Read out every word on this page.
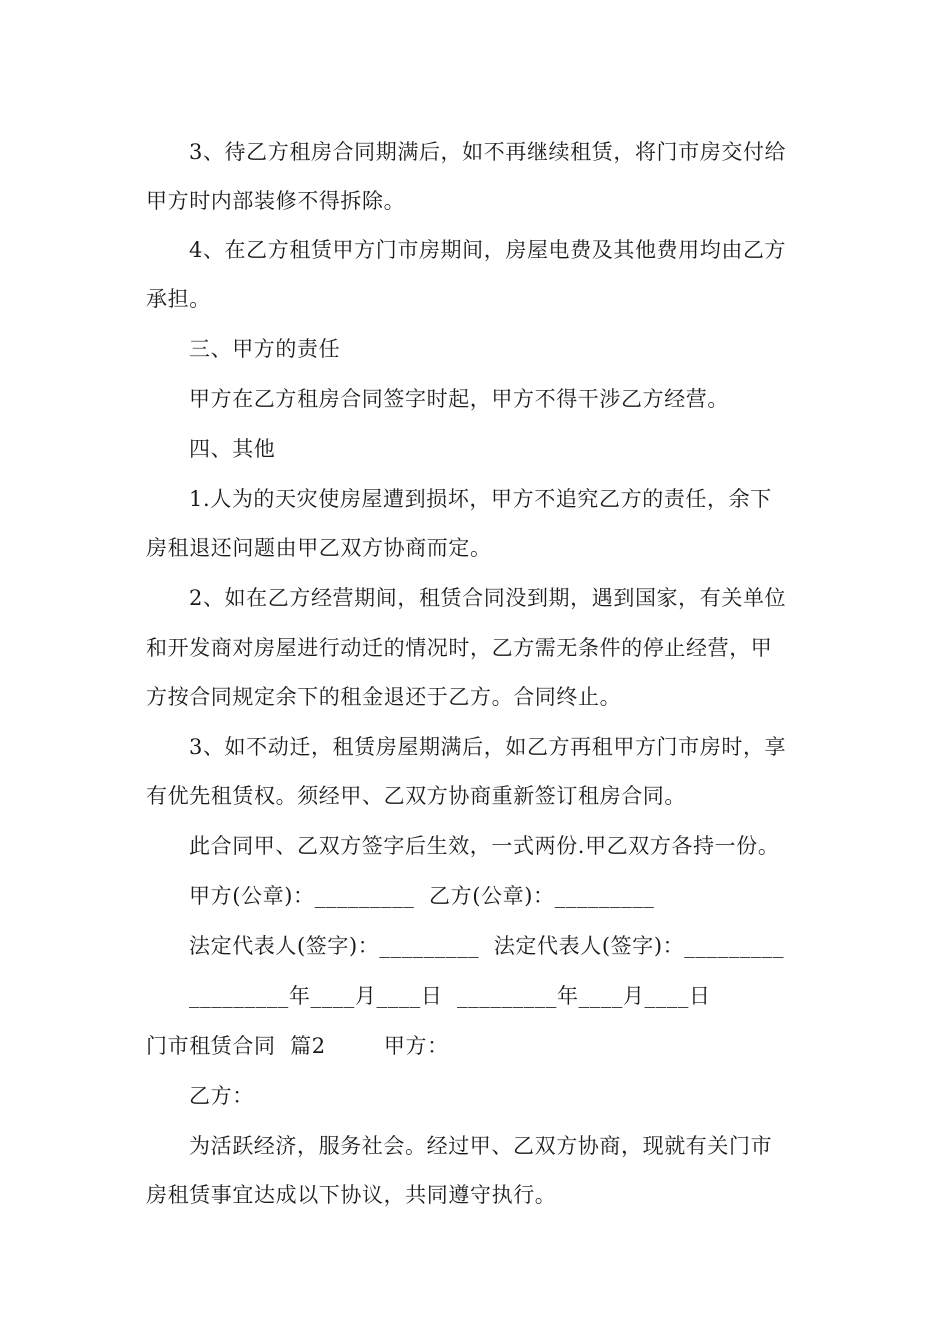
3、待乙方租房合同期满后，如不再继续租赁，将门市房交付给
甲方时内部装修不得拆除。
4、在乙方租赁甲方门市房期间，房屋电费及其他费用均由乙方
承担。
三、甲方的责任
甲方在乙方租房合同签字时起，甲方不得干涉乙方经营。
四、其他
1.人为的天灾使房屋遭到损坏，甲方不追究乙方的责任，余下
房租退还问题由甲乙双方协商而定。
2、如在乙方经营期间，租赁合同没到期，遇到国家，有关单位
和开发商对房屋进行动迁的情况时，乙方需无条件的停止经营，甲
方按合同规定余下的租金退还于乙方。合同终止。
3、如不动迁，租赁房屋期满后，如乙方再租甲方门市房时，享
有优先租赁权。须经甲、乙双方协商重新签订租房合同。
此合同甲、乙双方签字后生效，一式两份.甲乙双方各持一份。
甲方(公章)：_________  乙方(公章)：_________
法定代表人(签字)：_________  法定代表人(签字)：_________
_________年____月____日  _________年____月____日
门市租赁合同  篇2        甲方：
乙方：
为活跃经济，服务社会。经过甲、乙双方协商，现就有关门市
房租赁事宜达成以下协议，共同遵守执行。
